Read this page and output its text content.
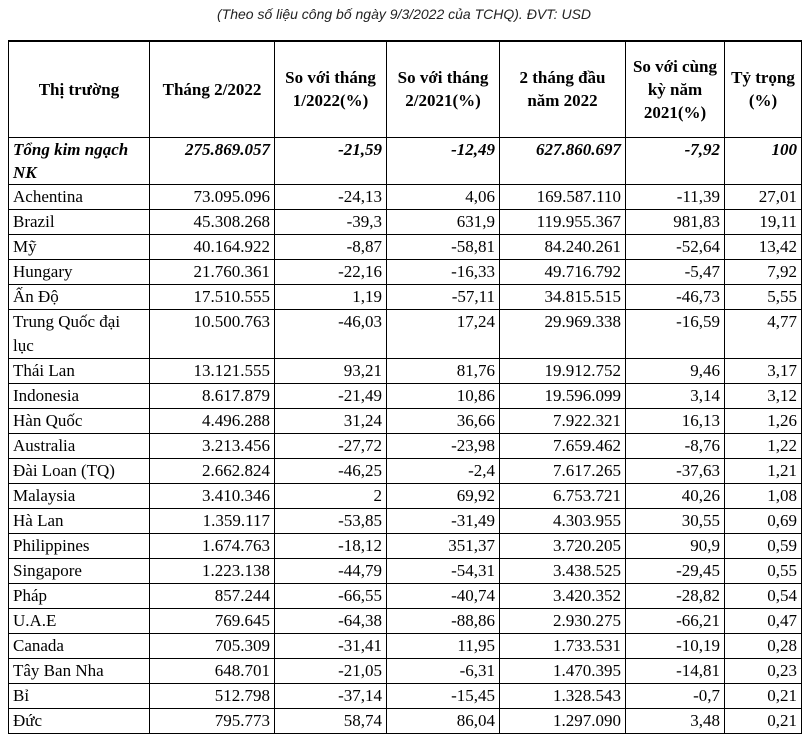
(Theo số liệu công bố ngày 9/3/2022 của TCHQ). ĐVT: USD
Thị trường	Tháng 2/2022	So với tháng 1/2022(%)	So với tháng 2/2021(%)	2 tháng đầu năm 2022	So với cùng kỳ năm 2021(%)	Tỷ trọng (%)
Tổng kim ngạch NK	275.869.057	-21,59	-12,49	627.860.697	-7,92	100
Achentina	73.095.096	-24,13	4,06	169.587.110	-11,39	27,01
Brazil	45.308.268	-39,3	631,9	119.955.367	981,83	19,11
Mỹ	40.164.922	-8,87	-58,81	84.240.261	-52,64	13,42
Hungary	21.760.361	-22,16	-16,33	49.716.792	-5,47	7,92
Ấn Độ	17.510.555	1,19	-57,11	34.815.515	-46,73	5,55
Trung Quốc đại lục	10.500.763	-46,03	17,24	29.969.338	-16,59	4,77
Thái Lan	13.121.555	93,21	81,76	19.912.752	9,46	3,17
Indonesia	8.617.879	-21,49	10,86	19.596.099	3,14	3,12
Hàn Quốc	4.496.288	31,24	36,66	7.922.321	16,13	1,26
Australia	3.213.456	-27,72	-23,98	7.659.462	-8,76	1,22
Đài Loan (TQ)	2.662.824	-46,25	-2,4	7.617.265	-37,63	1,21
Malaysia	3.410.346	2	69,92	6.753.721	40,26	1,08
Hà Lan	1.359.117	-53,85	-31,49	4.303.955	30,55	0,69
Philippines	1.674.763	-18,12	351,37	3.720.205	90,9	0,59
Singapore	1.223.138	-44,79	-54,31	3.438.525	-29,45	0,55
Pháp	857.244	-66,55	-40,74	3.420.352	-28,82	0,54
U.A.E	769.645	-64,38	-88,86	2.930.275	-66,21	0,47
Canada	705.309	-31,41	11,95	1.733.531	-10,19	0,28
Tây Ban Nha	648.701	-21,05	-6,31	1.470.395	-14,81	0,23
Bỉ	512.798	-37,14	-15,45	1.328.543	-0,7	0,21
Đức	795.773	58,74	86,04	1.297.090	3,48	0,21
